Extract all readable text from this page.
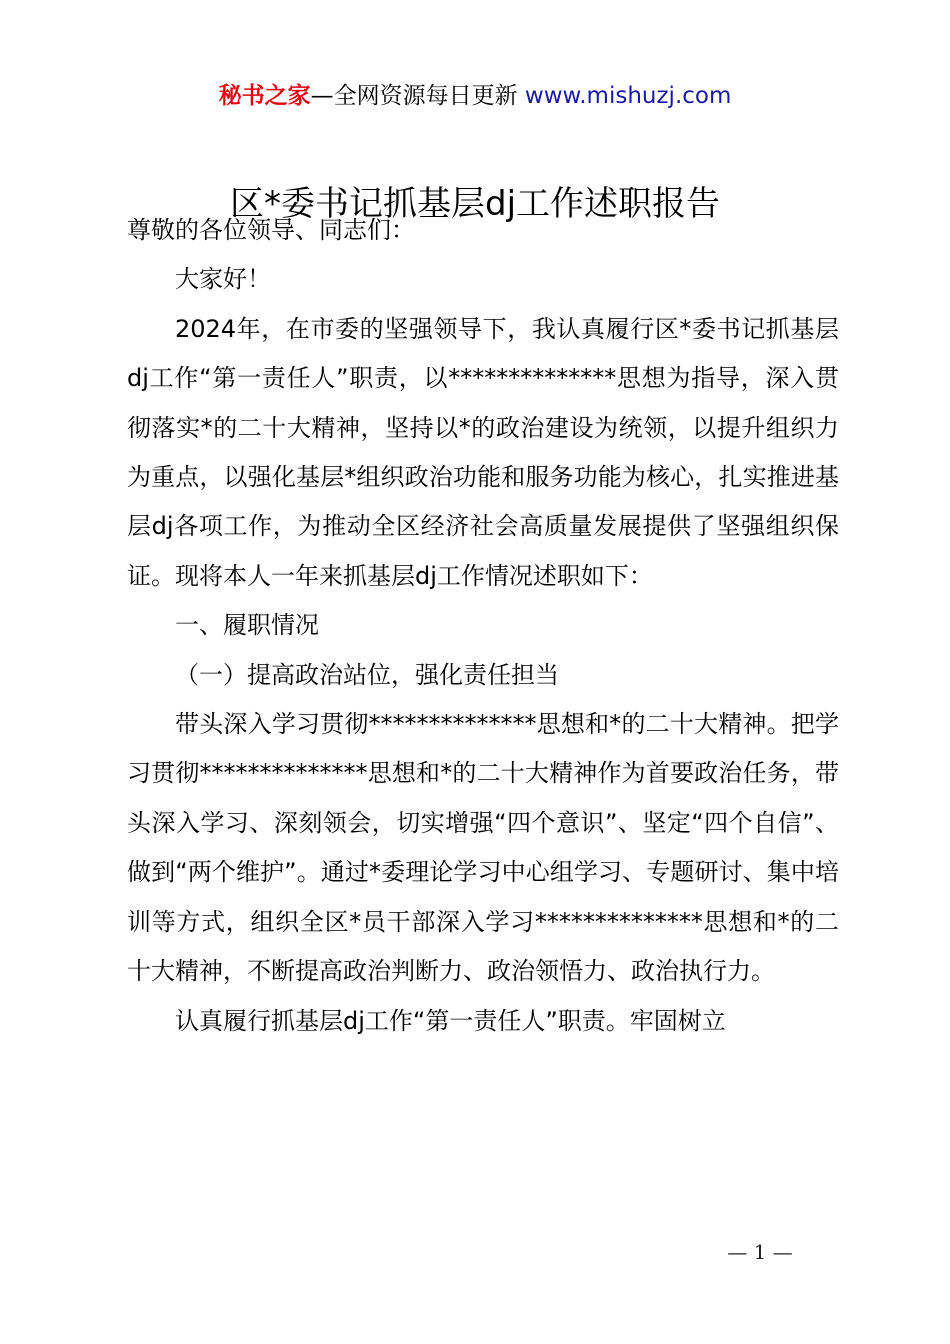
秘书之家—全网资源每日更新 www.mishuzj.com
区*委书记抓基层dj工作述职报告

尊敬的各位领导、同志们：

大家好！

2024年，在市委的坚强领导下，我认真履行区*委书记抓基层dj工作“第一责任人”职责，以**************思想为指导，深入贯彻落实*的二十大精神，坚持以*的政治建设为统领，以提升组织力为重点，以强化基层*组织政治功能和服务功能为核心，扎实推进基层dj各项工作，为推动全区经济社会高质量发展提供了坚强组织保证。现将本人一年来抓基层dj工作情况述职如下：

一、履职情况

（一）提高政治站位，强化责任担当

带头深入学习贯彻**************思想和*的二十大精神。把学习贯彻**************思想和*的二十大精神作为首要政治任务，带头深入学习、深刻领会，切实增强“四个意识”、坚定“四个自信”、做到“两个维护”。通过*委理论学习中心组学习、专题研讨、集中培训等方式，组织全区*员干部深入学习**************思想和*的二十大精神，不断提高政治判断力、政治领悟力、政治执行力。

认真履行抓基层dj工作“第一责任人”职责。牢固树立

— 1 —
